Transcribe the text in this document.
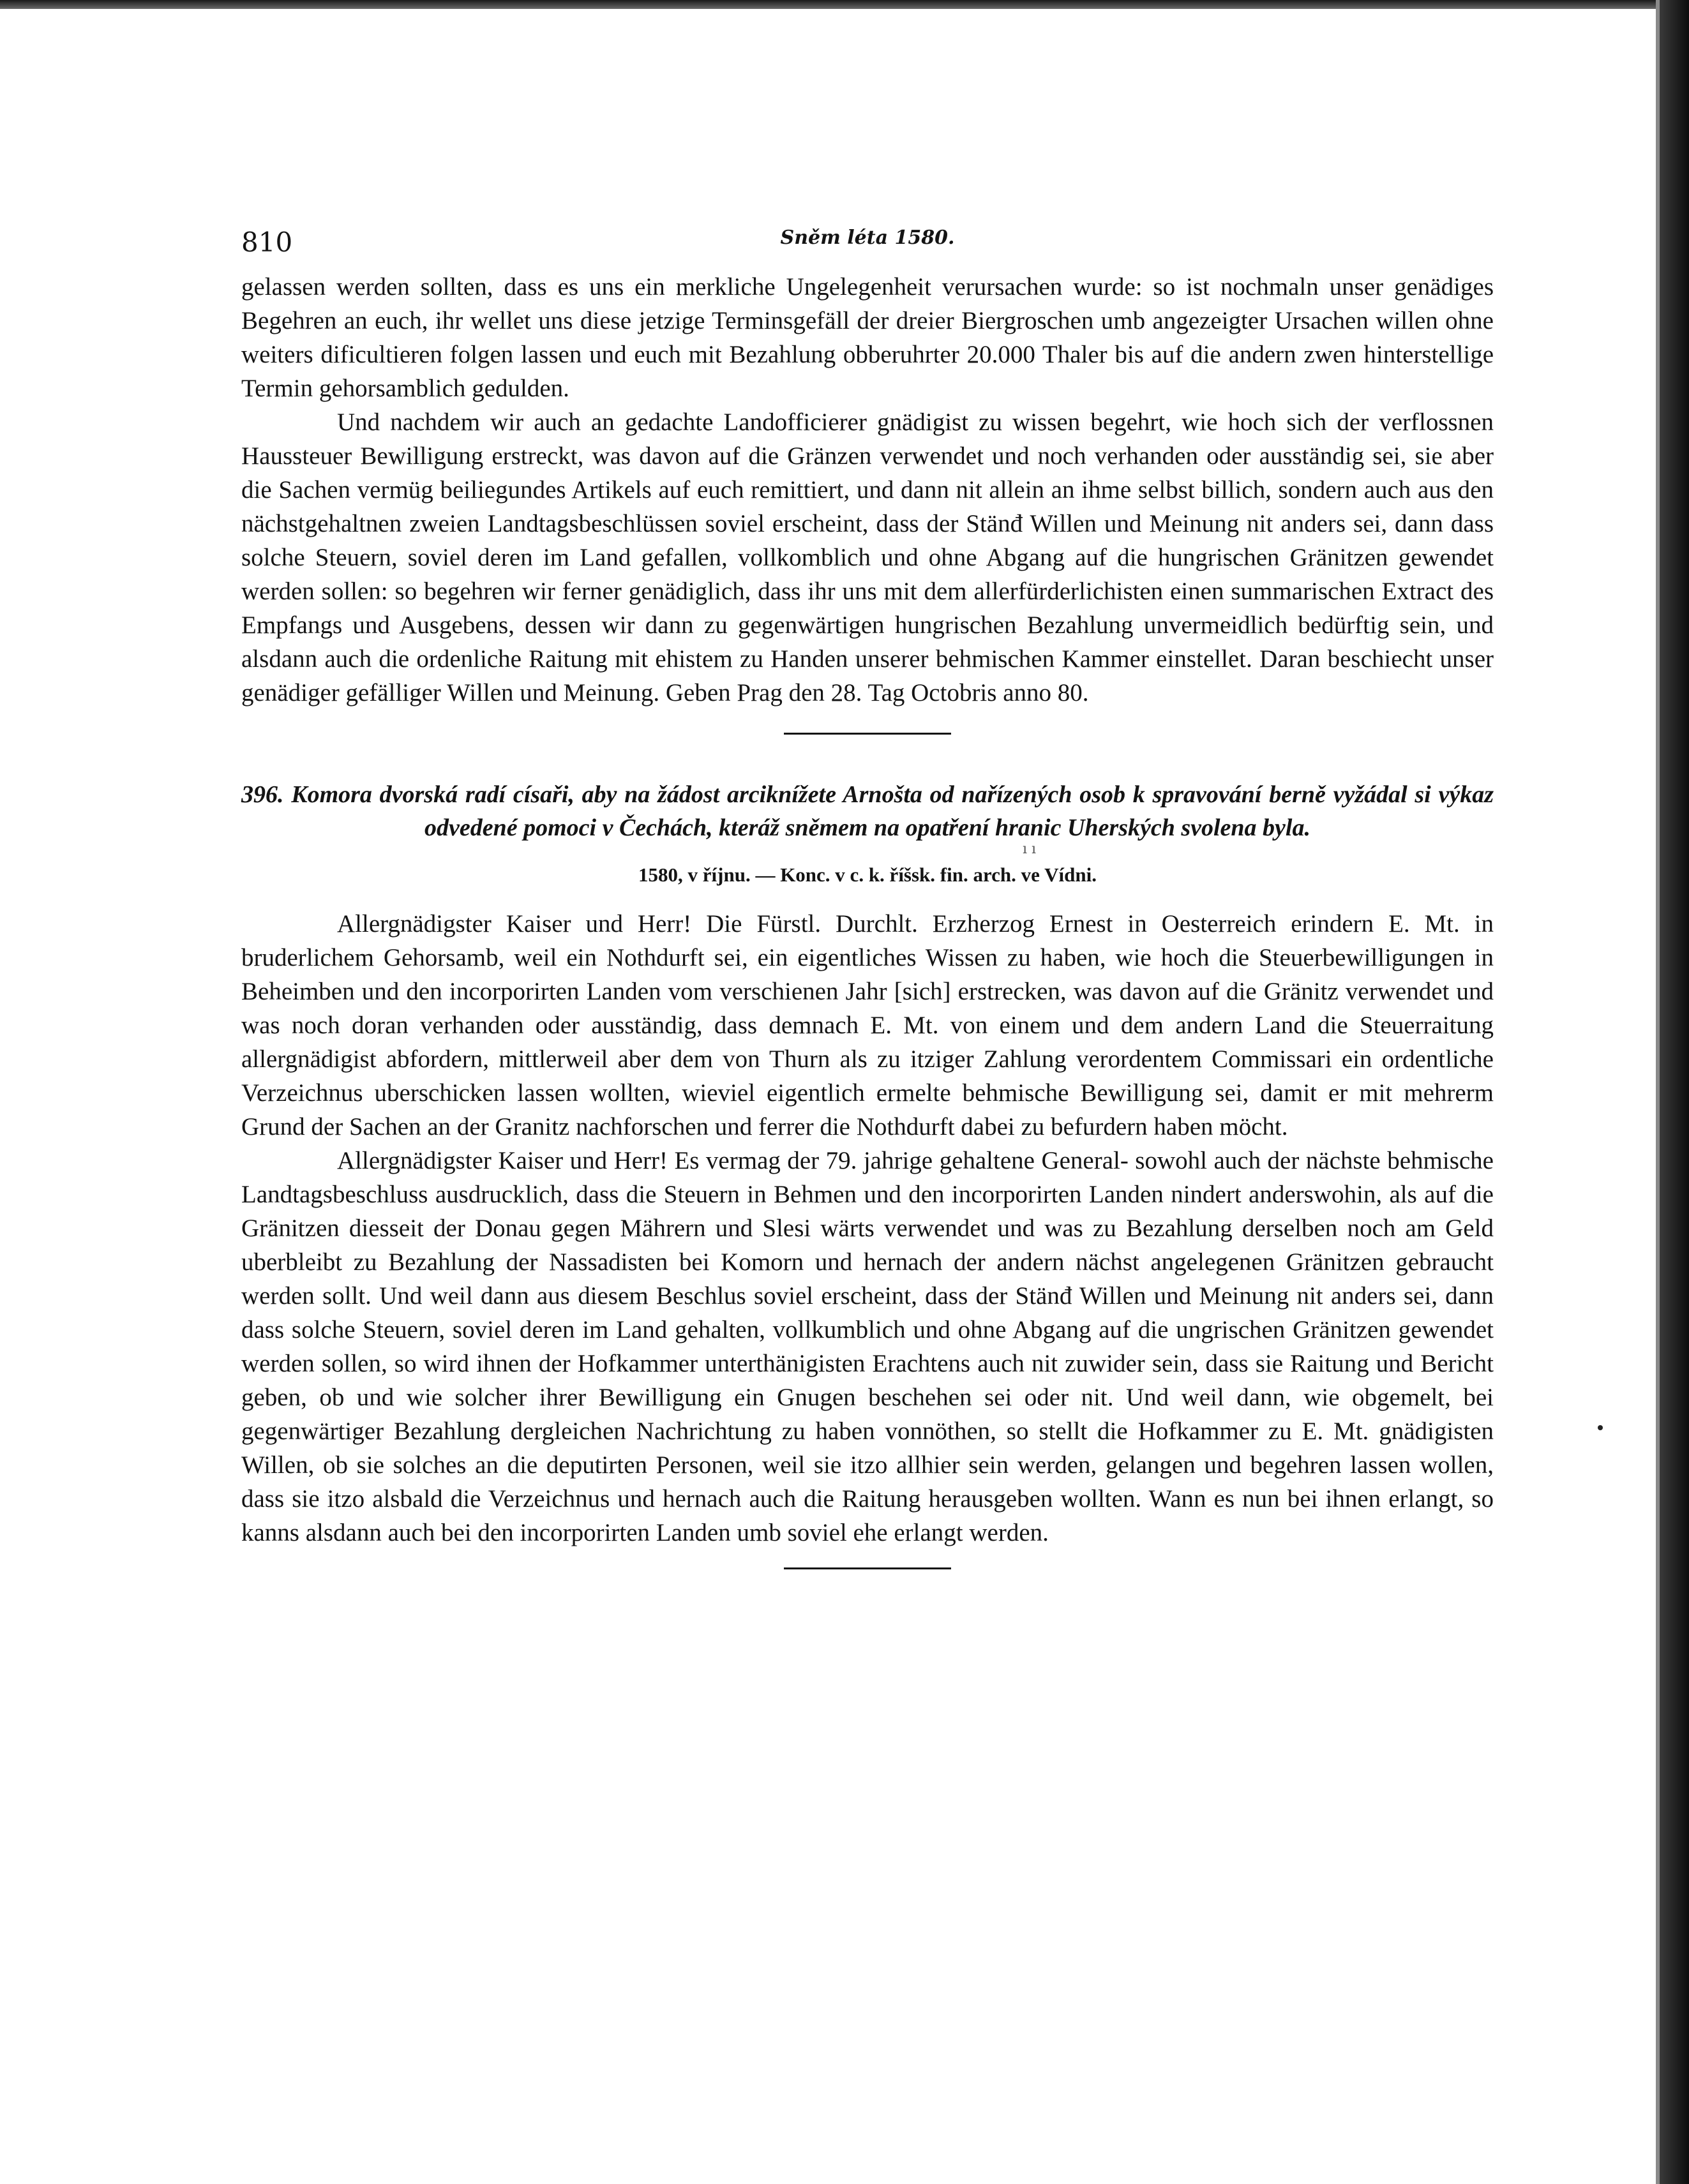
810	Sněm léta 1580.

gelassen werden sollten, dass es uns ein merkliche Ungelegenheit verursachen wurde: so ist nochmaln unser genädiges Begehren an euch, ihr wellet uns diese jetzige Terminsgefäll der dreier Biergroschen umb angezeigter Ursachen willen ohne weiters dificultieren folgen lassen und euch mit Bezahlung obberuhrter 20.000 Thaler bis auf die andern zwen hinterstellige Termin gehorsamblich gedulden.

Und nachdem wir auch an gedachte Landofficierer gnädigist zu wissen begehrt, wie hoch sich der verflossnen Haussteuer Bewilligung erstreckt, was davon auf die Gränzen verwendet und noch verhanden oder ausständig sei, sie aber die Sachen vermüg beiliegundes Artikels auf euch remittiert, und dann nit allein an ihme selbst billich, sondern auch aus den nächstgehaltnen zweien Landtagsbeschlüssen soviel erscheint, dass der Stänđ Willen und Meinung nit anders sei, dann dass solche Steuern, soviel deren im Land gefallen, vollkomblich und ohne Abgang auf die hungrischen Gränitzen gewendet werden sollen: so begehren wir ferner genädiglich, dass ihr uns mit dem allerfürderlichisten einen summarischen Extract des Empfangs und Ausgebens, dessen wir dann zu gegenwärtigen hungrischen Bezahlung unvermeidlich bedürftig sein, und alsdann auch die ordenliche Raitung mit ehistem zu Handen unserer behmischen Kammer einstellet. Daran beschiecht unser genädiger gefälliger Willen und Meinung. Geben Prag den 28. Tag Octobris anno 80.

396. Komora dvorská radí císaři, aby na žádost arciknížete Arnošta od nařízených osob k spravování berně vyžádal si výkaz odvedené pomoci v Čechách, kteráž sněmem na opatření hranic Uherských svolena byla.
1580, v říjnu. — Konc. v c. k. říšsk. fin. arch. ve Vídni.

Allergnädigster Kaiser und Herr! Die Fürstl. Durchlt. Erzherzog Ernest in Oesterreich erindern E. Mt. in bruderlichem Gehorsamb, weil ein Nothdurft sei, ein eigentliches Wissen zu haben, wie hoch die Steuerbewilligungen in Beheimben und den incorporirten Landen vom verschienen Jahr [sich] erstrecken, was davon auf die Gränitz verwendet und was noch doran verhanden oder ausständig, dass demnach E. Mt. von einem und dem andern Land die Steuerraitung allergnädigist abfordern, mittlerweil aber dem von Thurn als zu itziger Zahlung verordentem Commissari ein ordentliche Verzeichnus uberschicken lassen wollten, wieviel eigentlich ermelte behmische Bewilligung sei, damit er mit mehrerm Grund der Sachen an der Granitz nachforschen und ferrer die Nothdurft dabei zu befurdern haben möcht.

Allergnädigster Kaiser und Herr! Es vermag der 79. jahrige gehaltene General- sowohl auch der nächste behmische Landtagsbeschluss ausdrucklich, dass die Steuern in Behmen und den incorporirten Landen nindert anderswohin, als auf die Gränitzen diesseit der Donau gegen Mährern und Slesi wärts verwendet und was zu Bezahlung derselben noch am Geld uberbleibt zu Bezahlung der Nassadisten bei Komorn und hernach der andern nächst angelegenen Gränitzen gebraucht werden sollt. Und weil dann aus diesem Beschlus soviel erscheint, dass der Stänđ Willen und Meinung nit anders sei, dann dass solche Steuern, soviel deren im Land gehalten, vollkumblich und ohne Abgang auf die ungrischen Gränitzen gewendet werden sollen, so wird ihnen der Hofkammer unterthänigisten Erachtens auch nit zuwider sein, dass sie Raitung und Bericht geben, ob und wie solcher ihrer Bewilligung ein Gnugen beschehen sei oder nit. Und weil dann, wie obgemelt, bei gegenwärtiger Bezahlung dergleichen Nachrichtung zu haben vonnöthen, so stellt die Hofkammer zu E. Mt. gnädigisten Willen, ob sie solches an die deputirten Personen, weil sie itzo allhier sein werden, gelangen und begehren lassen wollen, dass sie itzo alsbald die Verzeichnus und hernach auch die Raitung herausgeben wollten. Wann es nun bei ihnen erlangt, so kanns alsdann auch bei den incorporirten Landen umb soviel ehe erlangt werden.

ı ı
